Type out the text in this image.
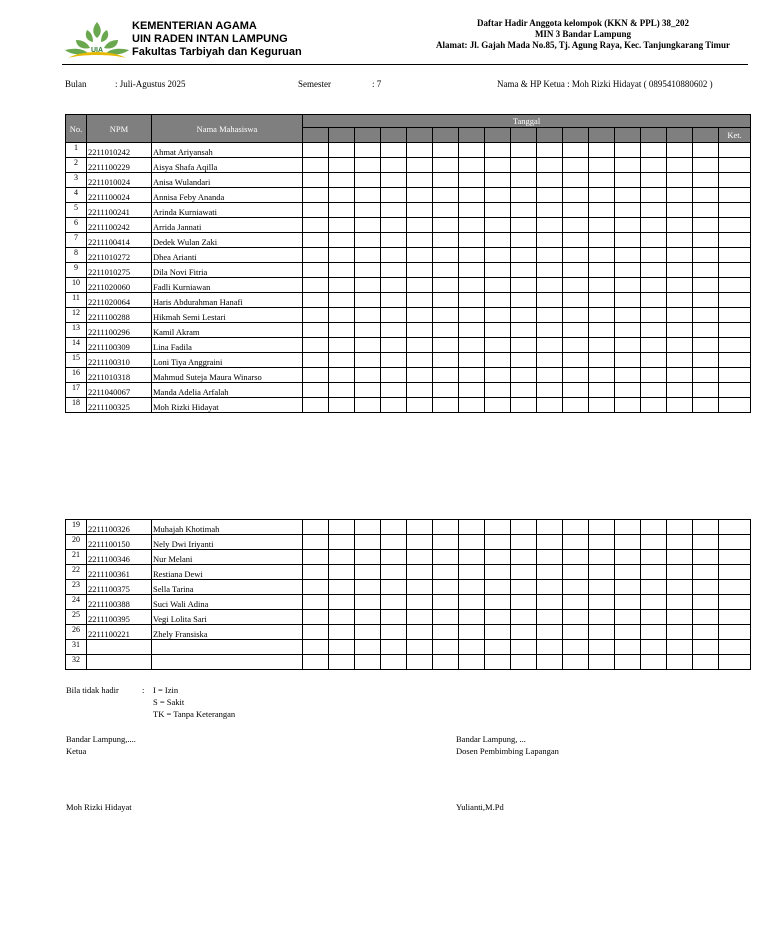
UIA
KEMENTERIAN AGAMA
UIN RADEN INTAN LAMPUNG
Fakultas Tarbiyah dan Keguruan
Daftar Hadir Anggota kelompok (KKN & PPL) 38_202
MIN 3 Bandar Lampung
Alamat: Jl. Gajah Mada No.85, Tj. Agung Raya, Kec. Tanjungkarang Timur
Bulan	: Juli-Agustus 2025	Semester	: 7	Nama & HP Ketua : Moh Rizki Hidayat ( 0895410880602 )
No.	NPM	Nama Mahasiswa	Tanggal																
																			Ket.
1	2211010242	Ahmat Ariyansah																	
2	2211100229	Aisya Shafa Aqilla																	
3	2211010024	Anisa Wulandari																	
4	2211100024	Annisa Feby Ananda																	
5	2211100241	Arinda Kurniawati																	
6	2211100242	Arrida Jannati																	
7	2211100414	Dedek Wulan Zaki																	
8	2211010272	Dhea Arianti																	
9	2211010275	Dila Novi Fitria																	
10	2211020060	Fadli Kurniawan																	
11	2211020064	Haris Abdurahman Hanafi																	
12	2211100288	Hikmah Semi Lestari																	
13	2211100296	Kamil Akram																	
14	2211100309	Lina Fadila																	
15	2211100310	Loni Tiya Anggraini																	
16	2211010318	Mahmud Suteja Maura Winarso																	
17	2211040067	Manda Adelia Arfalah																	
18	2211100325	Moh Rizki Hidayat																	
19	2211100326	Muhajah Khotimah																	
20	2211100150	Nely Dwi Iriyanti																	
21	2211100346	Nur Melani																	
22	2211100361	Restiana Dewi																	
23	2211100375	Sella Tarina																	
24	2211100388	Suci Wali Adina																	
25	2211100395	Vegi Lolita Sari																	
26	2211100221	Zhely Fransiska																	
31																			
32																			
Bila tidak hadir	: I = Izin
S = Sakit
TK = Tanpa Keterangan
Bandar Lampung,....
Ketua
Moh Rizki Hidayat
Bandar Lampung, ...
Dosen Pembimbing Lapangan
Yulianti,M.Pd
